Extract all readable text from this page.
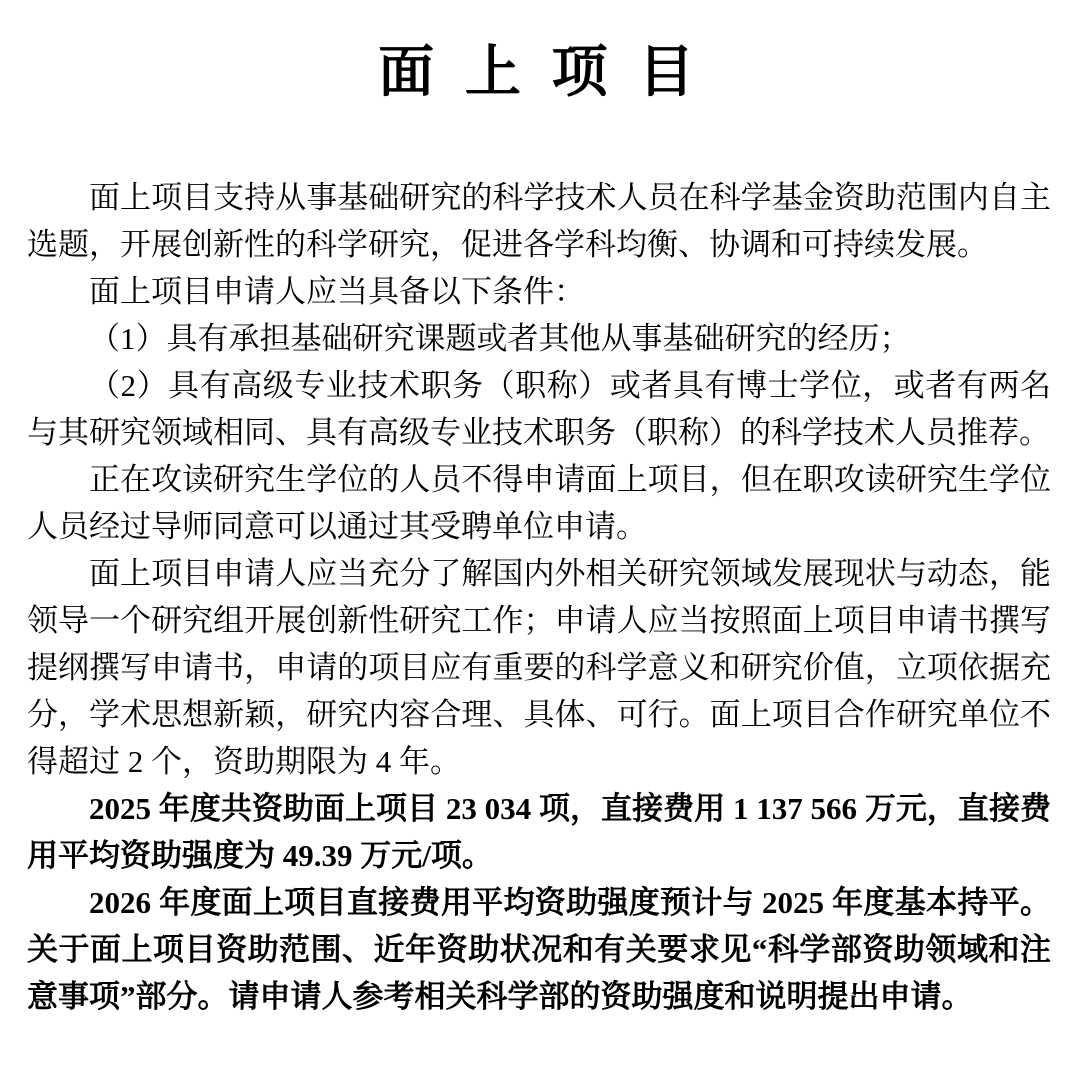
面 上 项 目

面上项目支持从事基础研究的科学技术人员在科学基金资助范围内自主选题，开展创新性的科学研究，促进各学科均衡、协调和可持续发展。

面上项目申请人应当具备以下条件：

（1）具有承担基础研究课题或者其他从事基础研究的经历；

（2）具有高级专业技术职务（职称）或者具有博士学位，或者有两名与其研究领域相同、具有高级专业技术职务（职称）的科学技术人员推荐。

正在攻读研究生学位的人员不得申请面上项目，但在职攻读研究生学位人员经过导师同意可以通过其受聘单位申请。

面上项目申请人应当充分了解国内外相关研究领域发展现状与动态，能领导一个研究组开展创新性研究工作；申请人应当按照面上项目申请书撰写提纲撰写申请书，申请的项目应有重要的科学意义和研究价值，立项依据充分，学术思想新颖，研究内容合理、具体、可行。面上项目合作研究单位不得超过 2 个，资助期限为 4 年。

2025 年度共资助面上项目 23 034 项，直接费用 1 137 566 万元，直接费用平均资助强度为 49.39 万元/项。

2026 年度面上项目直接费用平均资助强度预计与 2025 年度基本持平。关于面上项目资助范围、近年资助状况和有关要求见“科学部资助领域和注意事项”部分。请申请人参考相关科学部的资助强度和说明提出申请。
